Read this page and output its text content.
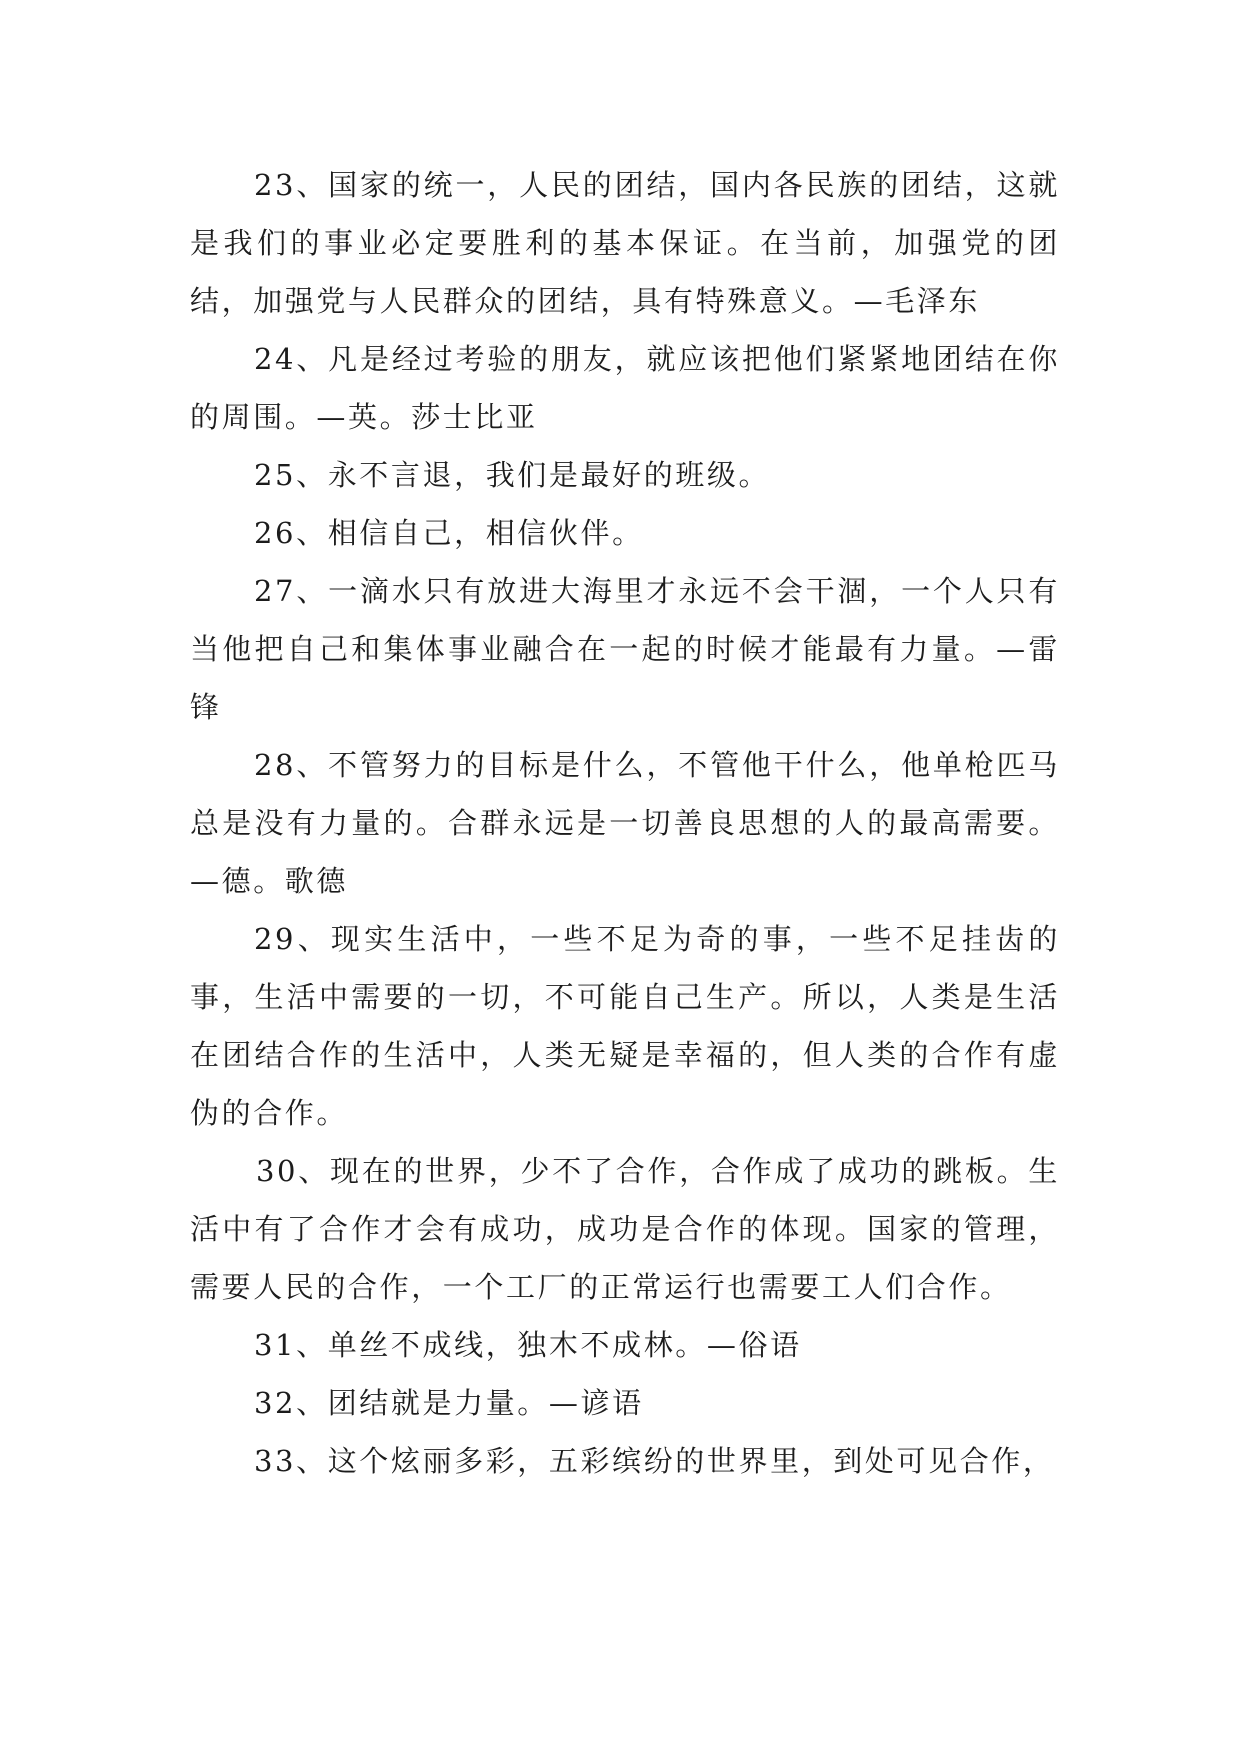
23、国家的统一，人民的团结，国内各民族的团结，这就是我们的事业必定要胜利的基本保证。在当前，加强党的团结，加强党与人民群众的团结，具有特殊意义。—毛泽东

24、凡是经过考验的朋友，就应该把他们紧紧地团结在你的周围。—英。莎士比亚

25、永不言退，我们是最好的班级。

26、相信自己，相信伙伴。

27、一滴水只有放进大海里才永远不会干涸，一个人只有当他把自己和集体事业融合在一起的时候才能最有力量。—雷锋

28、不管努力的目标是什么，不管他干什么，他单枪匹马总是没有力量的。合群永远是一切善良思想的人的最高需要。—德。歌德

29、现实生活中，一些不足为奇的事，一些不足挂齿的事，生活中需要的一切，不可能自己生产。所以，人类是生活在团结合作的生活中，人类无疑是幸福的，但人类的合作有虚伪的合作。

30、现在的世界，少不了合作，合作成了成功的跳板。生活中有了合作才会有成功，成功是合作的体现。国家的管理，需要人民的合作，一个工厂的正常运行也需要工人们合作。

31、单丝不成线，独木不成林。—俗语

32、团结就是力量。—谚语

33、这个炫丽多彩，五彩缤纷的世界里，到处可见合作，
